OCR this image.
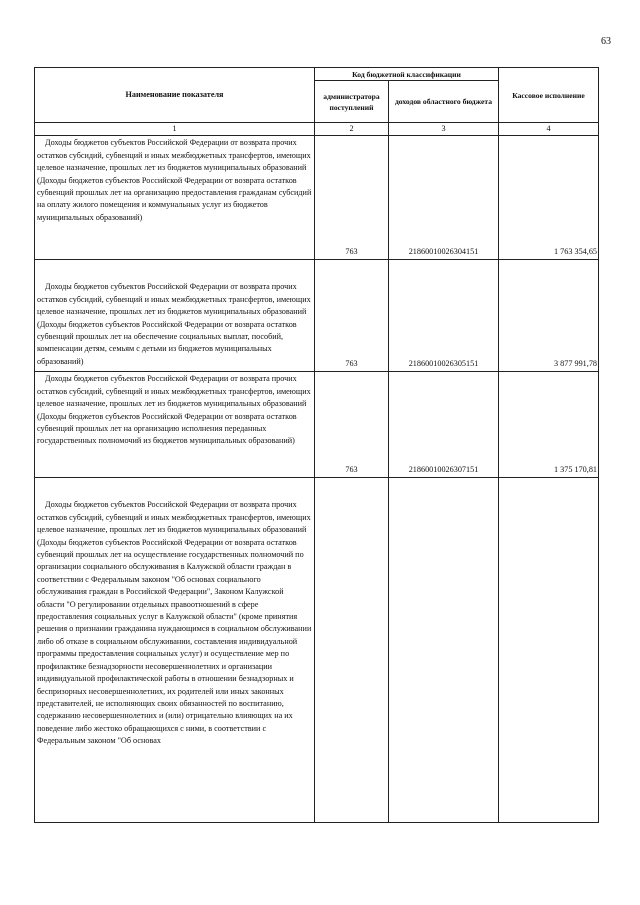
63
Наименование показателя	Код бюджетной классификации		Кассовое исполнение
	администратора поступлений	доходов областного бюджета	
1	2	3	4

Доходы бюджетов субъектов Российской Федерации от возврата прочих остатков субсидий, субвенций и иных межбюджетных трансфертов, имеющих целевое назначение, прошлых лет из бюджетов муниципальных образований (Доходы бюджетов субъектов Российской Федерации от возврата остатков субвенций прошлых лет на организацию предоставления гражданам субсидий на оплату жилого помещения и коммунальных услуг из бюджетов муниципальных образований)	763	21860010026304151	1 763 354,65

Доходы бюджетов субъектов Российской Федерации от возврата прочих остатков субсидий, субвенций и иных межбюджетных трансфертов, имеющих целевое назначение, прошлых лет из бюджетов муниципальных образований (Доходы бюджетов субъектов Российской Федерации от возврата остатков субвенций прошлых лет на обеспечение социальных выплат, пособий, компенсации детям, семьям с детьми из бюджетов муниципальных образований)	763	21860010026305151	3 877 991,78

Доходы бюджетов субъектов Российской Федерации от возврата прочих остатков субсидий, субвенций и иных межбюджетных трансфертов, имеющих целевое назначение, прошлых лет из бюджетов муниципальных образований (Доходы бюджетов субъектов Российской Федерации от возврата остатков субвенций прошлых лет на организацию исполнения переданных государственных полномочий из бюджетов муниципальных образований)	763	21860010026307151	1 375 170,81

Доходы бюджетов субъектов Российской Федерации от возврата прочих остатков субсидий, субвенций и иных межбюджетных трансфертов, имеющих целевое назначение, прошлых лет из бюджетов муниципальных образований (Доходы бюджетов субъектов Российской Федерации от возврата остатков субвенций прошлых лет на осуществление государственных полномочий по организации социального обслуживания в Калужской области граждан в соответствии с Федеральным законом "Об основах социального обслуживания граждан в Российской Федерации", Законом Калужской области "О регулировании отдельных правоотношений в сфере предоставления социальных услуг в Калужской области" (кроме принятия решения о признании гражданина нуждающимся в социальном обслуживании либо об отказе в социальном обслуживании, составления индивидуальной программы предоставления социальных услуг) и осуществление мер по профилактике безнадзорности несовершеннолетних и организации индивидуальной профилактической работы в отношении безнадзорных и беспризорных несовершеннолетних, их родителей или иных законных представителей, не исполняющих своих обязанностей по воспитанию, содержанию несовершеннолетних и (или) отрицательно влияющих на их поведение либо жестоко обращающихся с ними, в соответствии с Федеральным законом "Об основах			
